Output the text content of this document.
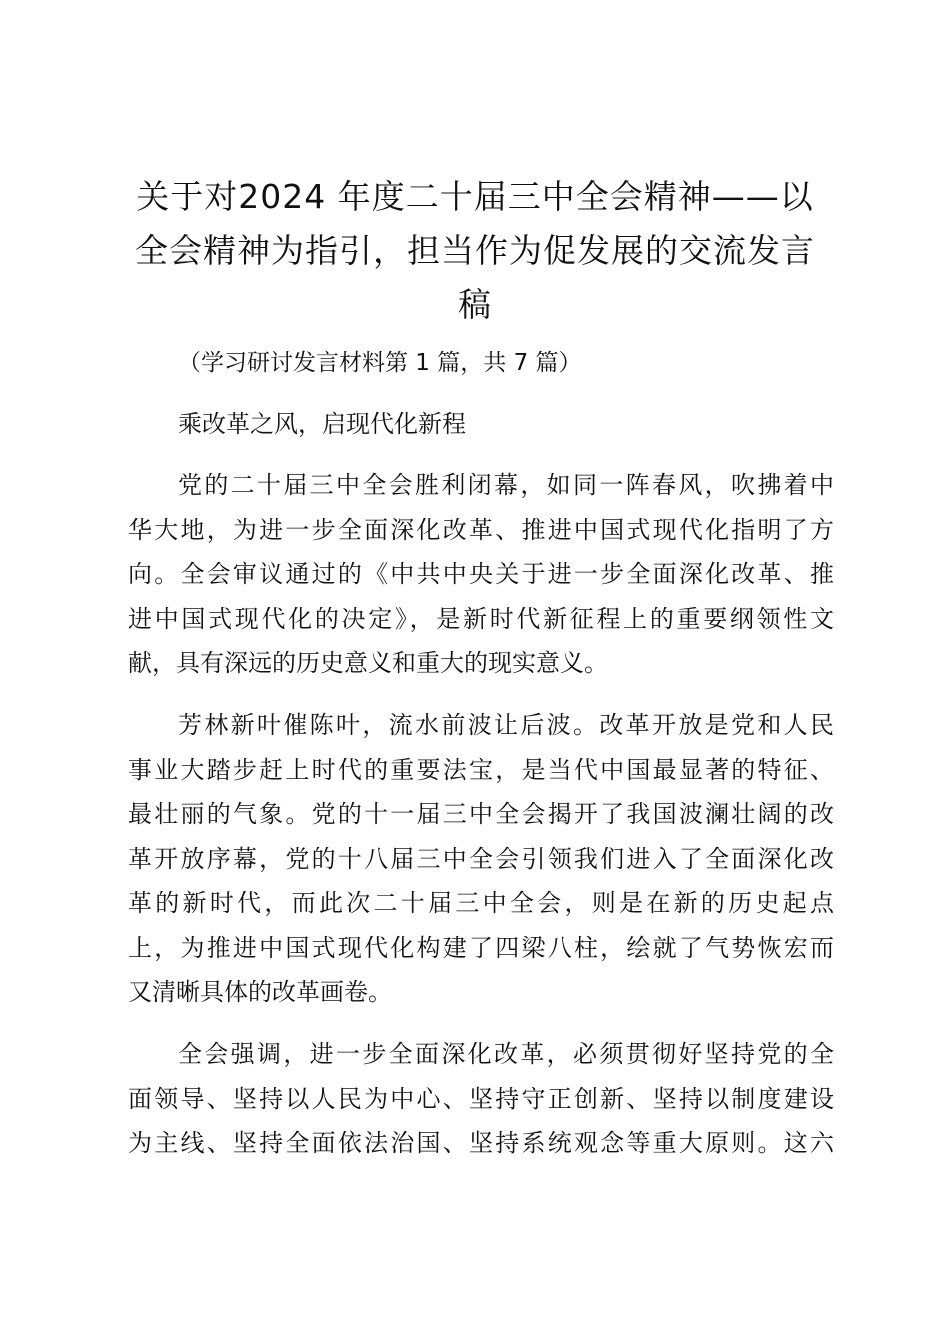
关于对2024 年度二十届三中全会精神——以
全会精神为指引，担当作为促发展的交流发言
稿
（学习研讨发言材料第 1 篇，共 7 篇）
乘改革之风，启现代化新程
党的二十届三中全会胜利闭幕，如同一阵春风，吹拂着中
华大地，为进一步全面深化改革、推进中国式现代化指明了方
向。全会审议通过的《中共中央关于进一步全面深化改革、推
进中国式现代化的决定》，是新时代新征程上的重要纲领性文
献，具有深远的历史意义和重大的现实意义。
芳林新叶催陈叶，流水前波让后波。改革开放是党和人民
事业大踏步赶上时代的重要法宝，是当代中国最显著的特征、
最壮丽的气象。党的十一届三中全会揭开了我国波澜壮阔的改
革开放序幕，党的十八届三中全会引领我们进入了全面深化改
革的新时代，而此次二十届三中全会，则是在新的历史起点
上，为推进中国式现代化构建了四梁八柱，绘就了气势恢宏而
又清晰具体的改革画卷。
全会强调，进一步全面深化改革，必须贯彻好坚持党的全
面领导、坚持以人民为中心、坚持守正创新、坚持以制度建设
为主线、坚持全面依法治国、坚持系统观念等重大原则。这六
